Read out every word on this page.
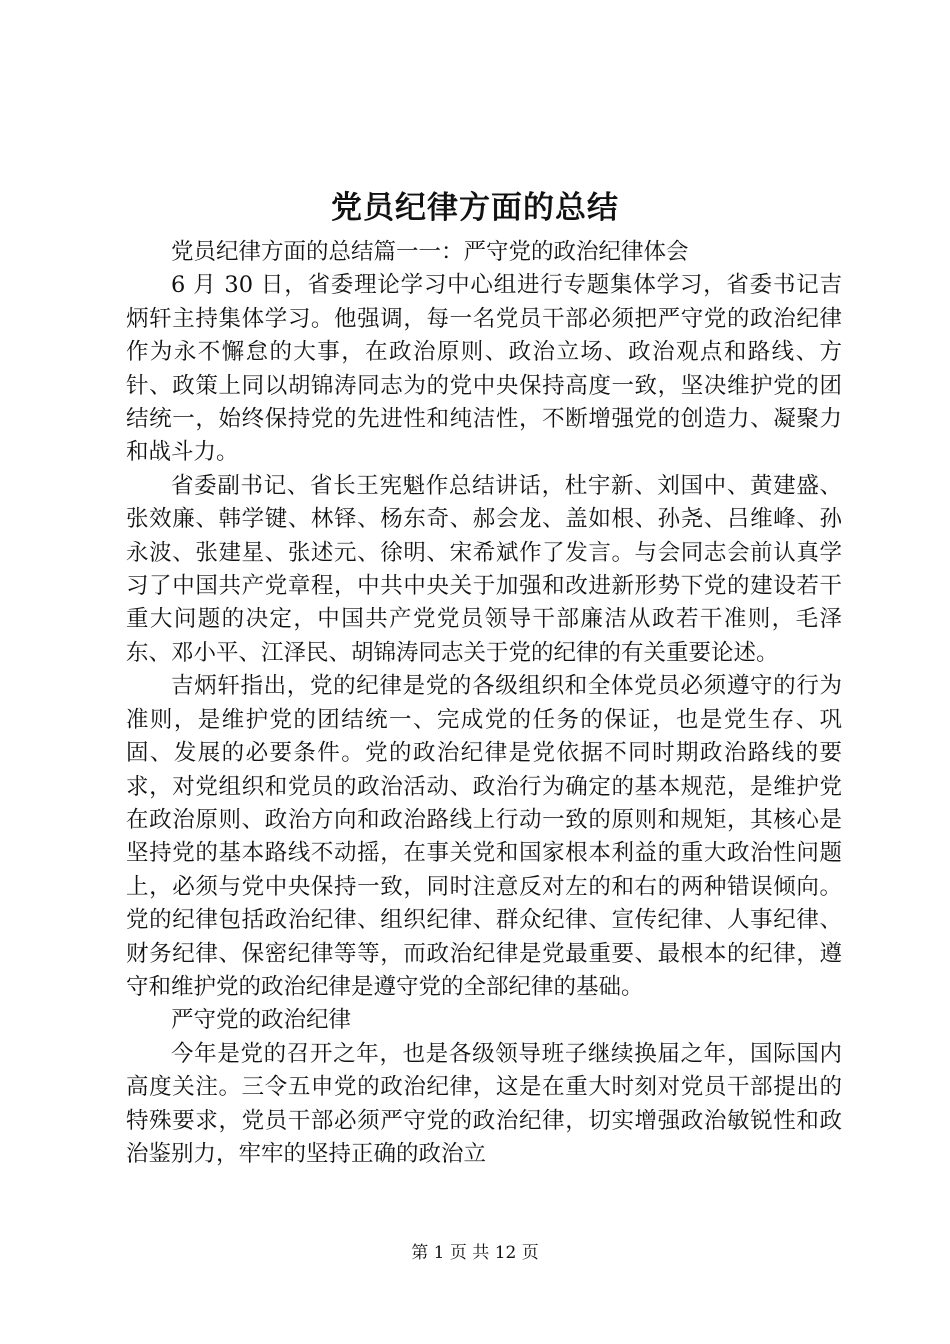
党员纪律方面的总结

党员纪律方面的总结篇一一：严守党的政治纪律体会

6 月 30 日，省委理论学习中心组进行专题集体学习，省委书记吉炳轩主持集体学习。他强调，每一名党员干部必须把严守党的政治纪律作为永不懈怠的大事，在政治原则、政治立场、政治观点和路线、方针、政策上同以胡锦涛同志为的党中央保持高度一致，坚决维护党的团结统一，始终保持党的先进性和纯洁性，不断增强党的创造力、凝聚力和战斗力。

省委副书记、省长王宪魁作总结讲话，杜宇新、刘国中、黄建盛、张效廉、韩学键、林铎、杨东奇、郝会龙、盖如根、孙尧、吕维峰、孙永波、张建星、张述元、徐明、宋希斌作了发言。与会同志会前认真学习了中国共产党章程，中共中央关于加强和改进新形势下党的建设若干重大问题的决定，中国共产党党员领导干部廉洁从政若干准则，毛泽东、邓小平、江泽民、胡锦涛同志关于党的纪律的有关重要论述。

吉炳轩指出，党的纪律是党的各级组织和全体党员必须遵守的行为准则，是维护党的团结统一、完成党的任务的保证，也是党生存、巩固、发展的必要条件。党的政治纪律是党依据不同时期政治路线的要求，对党组织和党员的政治活动、政治行为确定的基本规范，是维护党在政治原则、政治方向和政治路线上行动一致的原则和规矩，其核心是坚持党的基本路线不动摇，在事关党和国家根本利益的重大政治性问题上，必须与党中央保持一致，同时注意反对左的和右的两种错误倾向。党的纪律包括政治纪律、组织纪律、群众纪律、宣传纪律、人事纪律、财务纪律、保密纪律等等，而政治纪律是党最重要、最根本的纪律，遵守和维护党的政治纪律是遵守党的全部纪律的基础。

严守党的政治纪律

今年是党的召开之年，也是各级领导班子继续换届之年，国际国内高度关注。三令五申党的政治纪律，这是在重大时刻对党员干部提出的特殊要求，党员干部必须严守党的政治纪律，切实增强政治敏锐性和政治鉴别力，牢牢的坚持正确的政治立

第 1 页 共 12 页
